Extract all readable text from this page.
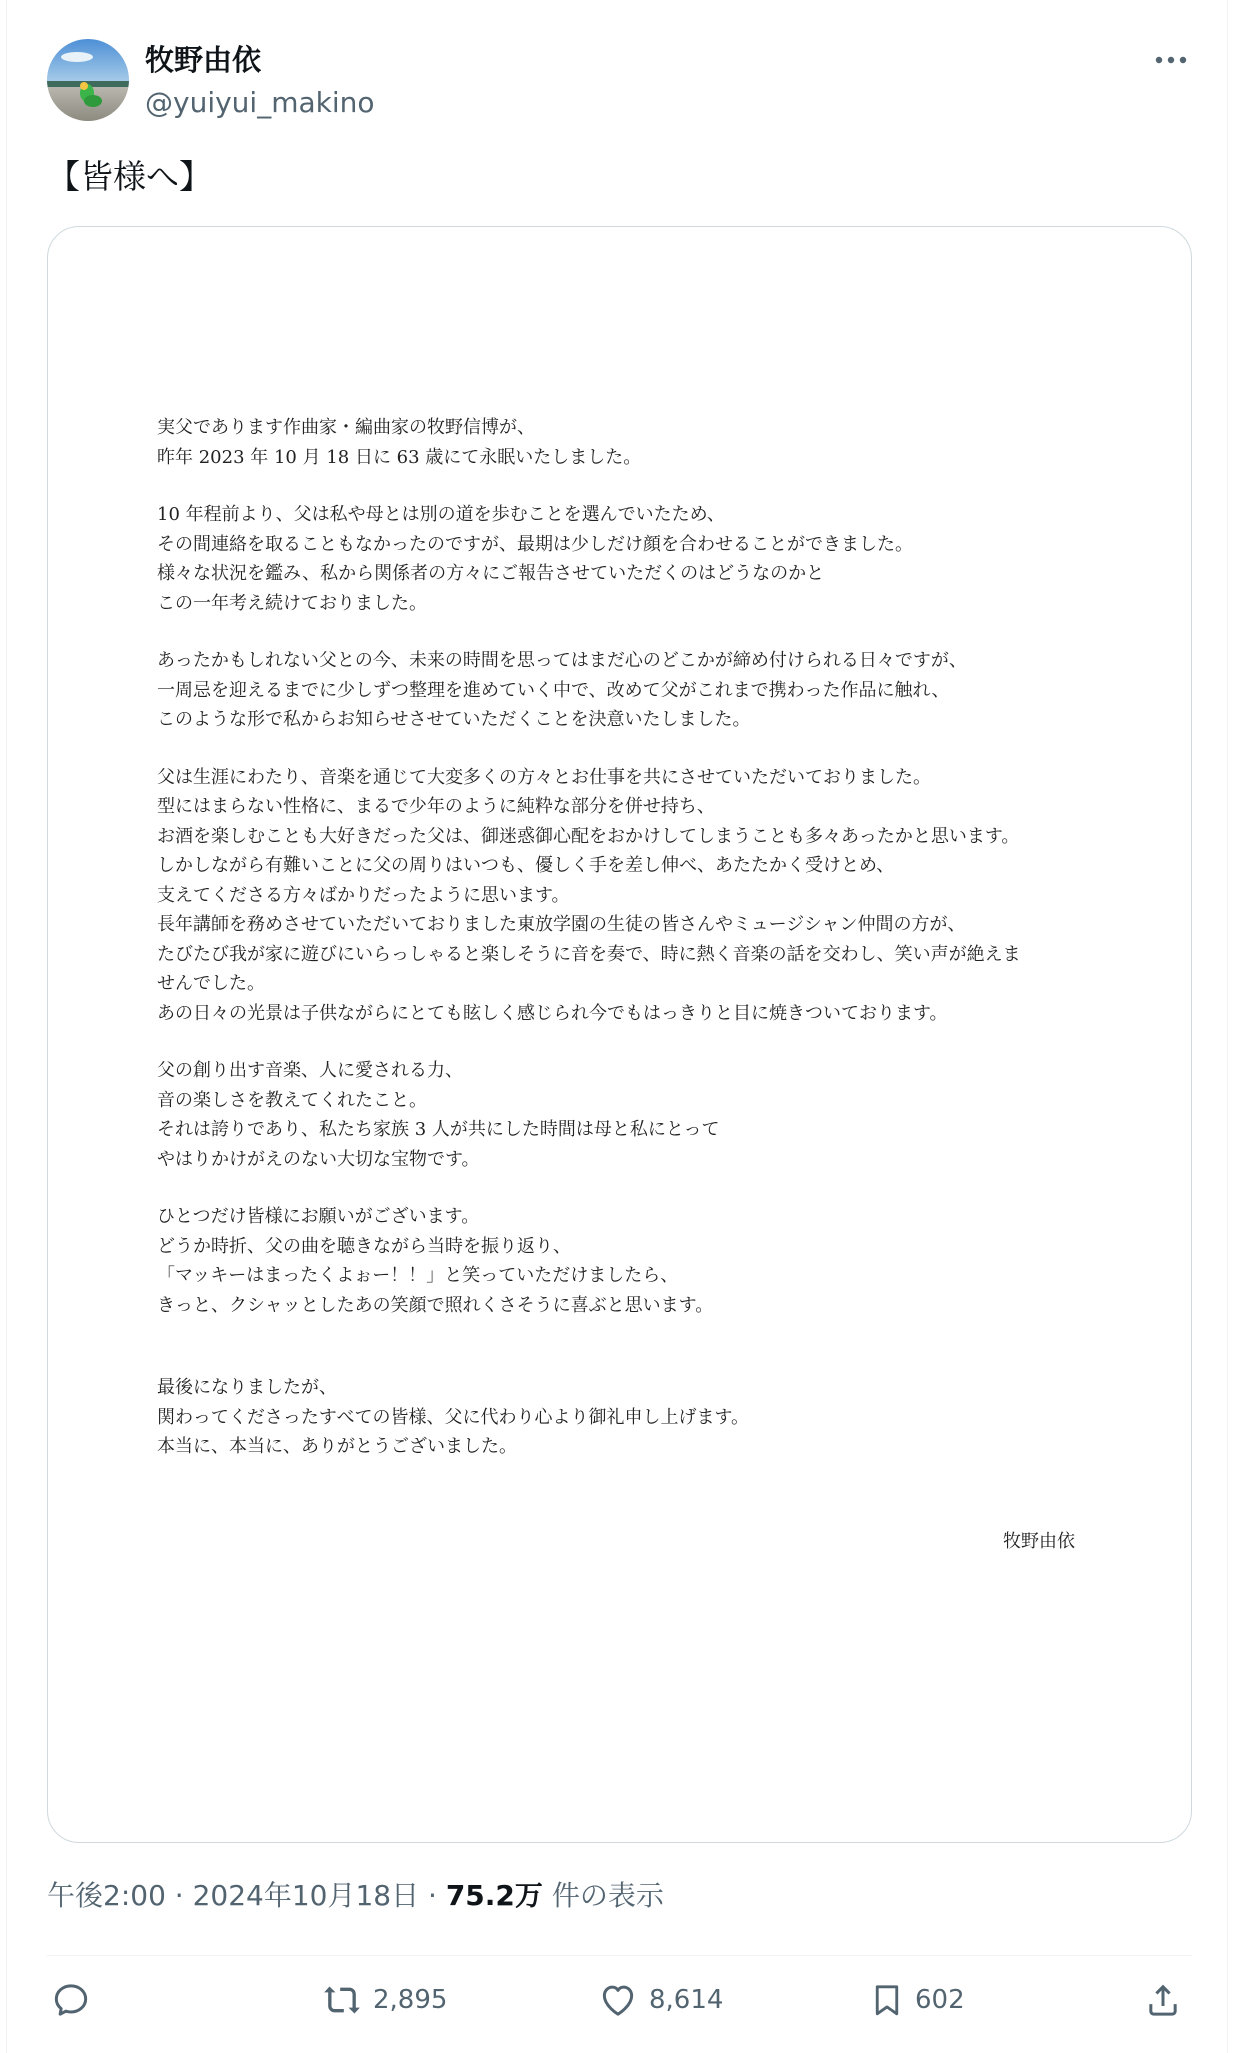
牧野由依
@yuiyui_makino
【皆様へ】

実父であります作曲家・編曲家の牧野信博が、
昨年 2023 年 10 月 18 日に 63 歳にて永眠いたしました。

10 年程前より、父は私や母とは別の道を歩むことを選んでいたため、
その間連絡を取ることもなかったのですが、最期は少しだけ顔を合わせることができました。
様々な状況を鑑み、私から関係者の方々にご報告させていただくのはどうなのかと
この一年考え続けておりました。

あったかもしれない父との今、未来の時間を思ってはまだ心のどこかが締め付けられる日々ですが、
一周忌を迎えるまでに少しずつ整理を進めていく中で、改めて父がこれまで携わった作品に触れ、
このような形で私からお知らせさせていただくことを決意いたしました。

父は生涯にわたり、音楽を通じて大変多くの方々とお仕事を共にさせていただいておりました。
型にはまらない性格に、まるで少年のように純粋な部分を併せ持ち、
お酒を楽しむことも大好きだった父は、御迷惑御心配をおかけしてしまうことも多々あったかと思います。
しかしながら有難いことに父の周りはいつも、優しく手を差し伸べ、あたたかく受けとめ、
支えてくださる方々ばかりだったように思います。
長年講師を務めさせていただいておりました東放学園の生徒の皆さんやミュージシャン仲間の方が、
たびたび我が家に遊びにいらっしゃると楽しそうに音を奏で、時に熱く音楽の話を交わし、笑い声が絶えま
せんでした。
あの日々の光景は子供ながらにとても眩しく感じられ今でもはっきりと目に焼きついております。

父の創り出す音楽、人に愛される力、
音の楽しさを教えてくれたこと。
それは誇りであり、私たち家族 3 人が共にした時間は母と私にとって
やはりかけがえのない大切な宝物です。

ひとつだけ皆様にお願いがございます。
どうか時折、父の曲を聴きながら当時を振り返り、
「マッキーはまったくよぉー！！」と笑っていただけましたら、
きっと、クシャッとしたあの笑顔で照れくさそうに喜ぶと思います。

最後になりましたが、
関わってくださったすべての皆様、父に代わり心より御礼申し上げます。
本当に、本当に、ありがとうございました。

牧野由依
午後2:00 · 2024年10月18日 · 75.2万 件の表示
2,895	8,614	602
